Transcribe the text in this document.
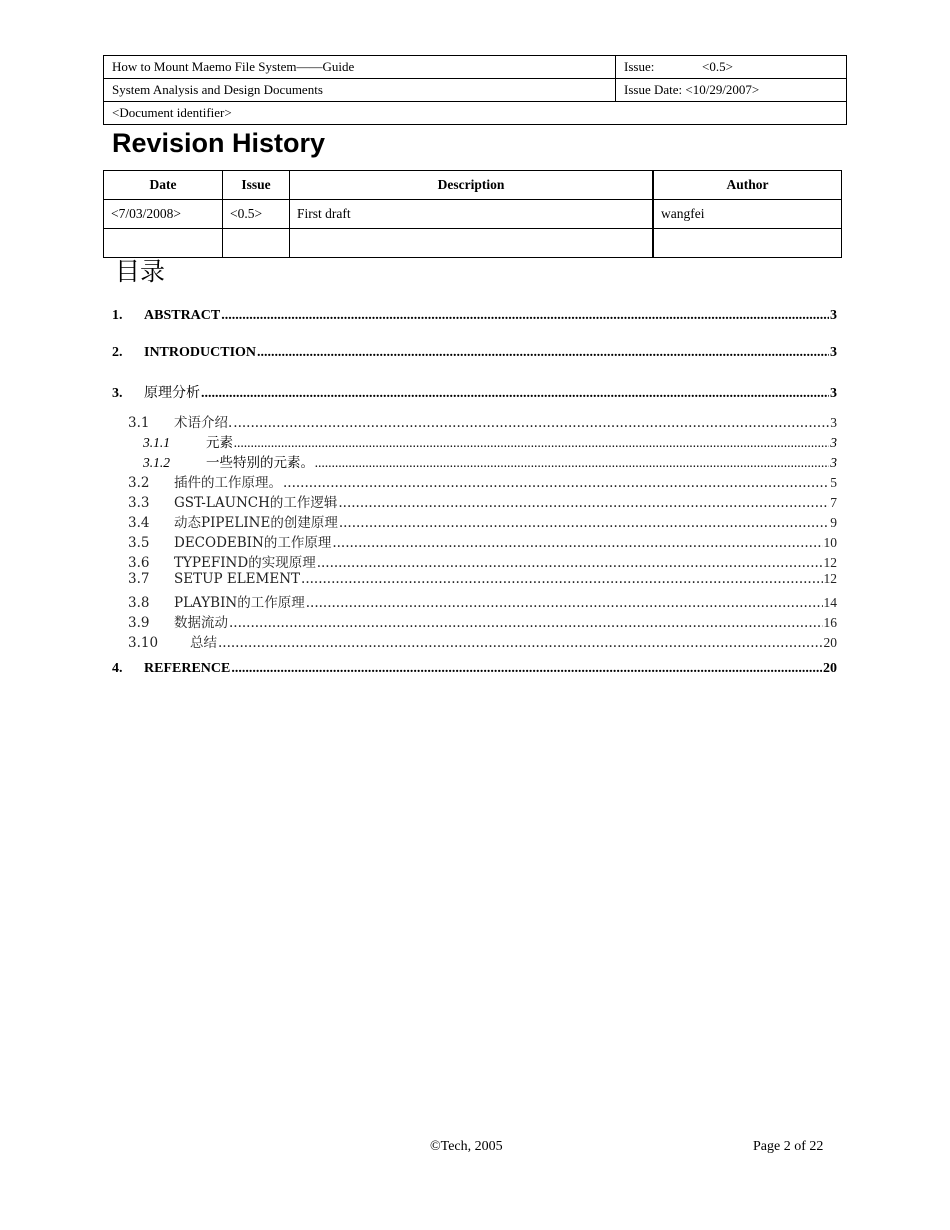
How to Mount Maemo File System——Guide	Issue: <0.5>
System Analysis and Design Documents	Issue Date: <10/29/2007>
<Document identifier>	
Revision History
Date	Issue	Description	Author
<7/03/2008>	<0.5>	First draft	wangfei

目录
1.	ABSTRACT .....	3
2.	INTRODUCTION .....	3
3.	原理分析 .....	3
3.1	术语介绍. .....	3
3.1.1	元素 .....	3
3.1.2	一些特别的元素。 .....	3
3.2	插件的工作原理。 .....	5
3.3	GST-LAUNCH的工作逻辑 .....	7
3.4	动态PIPELINE的创建原理 .....	9
3.5	DECODEBIN的工作原理 .....	10
3.6	TYPEFIND的实现原理 .....	12
3.7	SETUP ELEMENT .....	12
3.8	PLAYBIN的工作原理 .....	14
3.9	数据流动 .....	16
3.10	总结 .....	20
4.	REFERENCE .....	20
©Tech, 2005	Page 2 of 22
